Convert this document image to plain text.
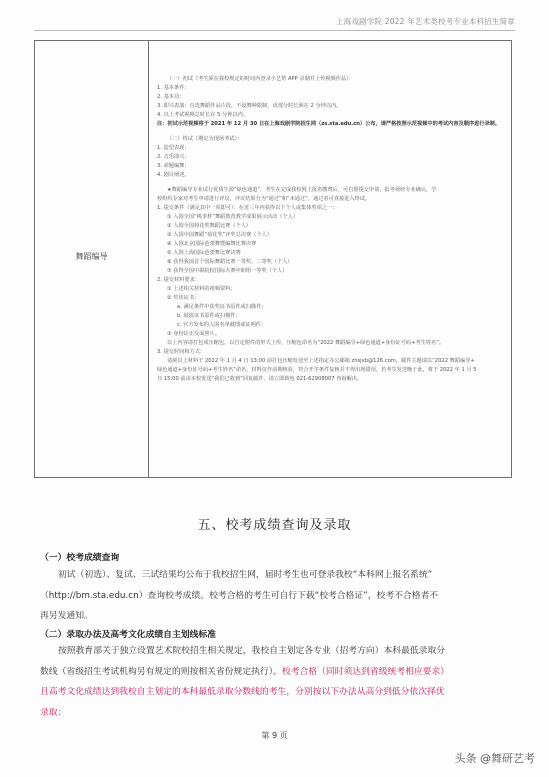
上海戏剧学院 2022 年艺术类校考专业本科招生简章
舞蹈编导
（一）初试（考生须在我校规定的时间内登录小艺帮 APP 录制并上传视频作品）：
1. 基本条件：
2. 基本功：
3. 即兴表演：自选舞蹈作品片段，不设舞种限制，该部分时长须在 2 分钟以内。
4. 以上考试视频总时长在 5 分钟以内。
注：初试示范视频将于 2021 年 12 月 30 日在上海戏剧学院招生网（zs.sta.edu.cn）公布，请严格按照示范视频中的考试内容及顺序进行录制。
（二）终试（期定为现场考试）：
1. 造型表现；
2. 音乐即兴；
3. 命题编舞；
4. 剧目阐述。
★舞蹈编导专业试行优质生源“绿色通道”，考生在完成我校网上报名缴费后，可自愿提交申请，报考须经专业确认，学
校组织专家对考生申请进行评议，评议结果分为“通过”和“未通过”，通过者可直接进入终试。
1. 提交条件（满足其中一项即可）：在近三年内获得以下个人或集体奖项之一：
① 入围全国“桃李杯”舞蹈教育教学成果展示活动（个人）
② 入围全国荷花奖舞蹈比赛（个人）
③ 入围中国舞蹈“荷花奖”评奖总决赛（个人）
④ 入围北京国际芭蕾舞暨编舞比赛决赛
⑤ 入围上海国际芭蕾舞比赛决赛
⑥ 获得我国首个国际舞蹈比赛一等奖、二等奖（个人）
⑦ 获得全国中职院校国际大赛中职组一等奖（个人）
2. 提交材料要求：
① 上述相关材料的视频资料；
② 奖状证书：
a. 满足条件中获奖证书原件或扫描件；
b. 展演证书原件或扫描件；
c. 官方发布的入围名单截图或证明件；
③ 身份证正反面照片。
以上内容请打包成压缩包，以自定附件的形式上传，压缩包命名为“2022 舞蹈编导+绿色通道+身份证号码+考生姓名”。
3. 提交时间和方式：
请须以上材料于 2022 年 1 月 4 日 13:00 前打包压缩发送至上述指定办公邮箱 zhsjxb@126.com，邮件主题请以“2022 舞蹈编导+
绿色通道+身份证号码+考生姓名”命名，材料仅作前期核验，符合开学条件复核并不得出现错误，若考生发送晚于此，将于 2022 年 1 月 5
日 15:00 前由本校发送“我们已收到”回复邮件，请立即致电 021-62908007 咨询解决。
五、校考成绩查询及录取
（一）校考成绩查询
初试（初选）、复试、三试结果均公布于我校招生网，届时考生也可登录我校“本科网上报名系统”
（http://bm.sta.edu.cn）查询校考成绩。校考合格的考生可自行下载“校考合格证”，校考不合格者不
再另发通知。
（二）录取办法及高考文化成绩自主划线标准
按照教育部关于独立设置艺术院校招生相关规定，我校自主划定各专业（招考方向）本科最低录取分
数线（省级招生考试机构另有规定的则按相关省份规定执行）。校考合格（同时须达到省级统考相应要求）
且高考文化成绩达到我校自主划定的本科最低录取分数线的考生，分别按以下办法从高分到低分依次择优
录取：
第 9 页
头条 @舞研艺考
